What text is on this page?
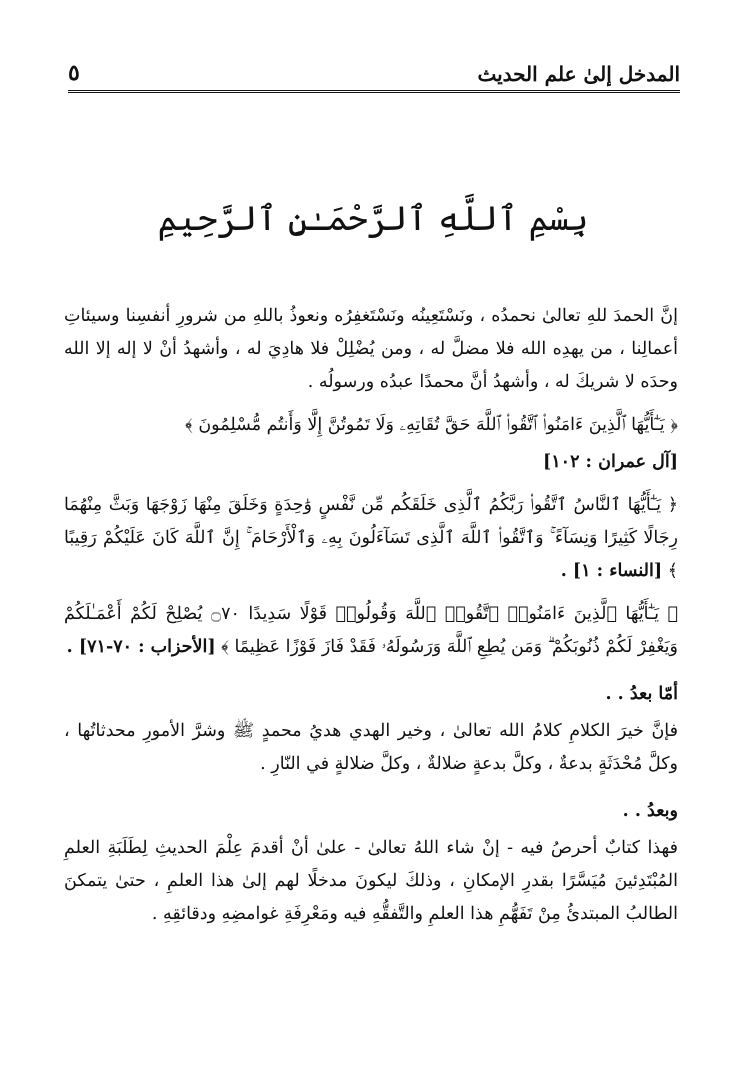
المدخل إلىٰ علم الحديث
٥
بِسْمِ ٱللَّهِ ٱلرَّحْمَـٰنِ ٱلرَّحِيمِ

إنَّ الحمدَ للهِ تعالىٰ نحمدُه ، ونَسْتَعِينُه ونَسْتَغفِرُه ونعوذُ باللهِ من شرورِ أنفسِنا وسيئاتِ أعمالِنا ، من يهدِه الله فلا مضلَّ له ، ومن يُضْلِلْ فلا هادِيَ له ، وأشهدُ أنْ لا إله إلا الله وحدَه لا شريكَ له ، وأشهدُ أنَّ محمدًا عبدُه ورسولُه .

﴿ يَـٰٓأَيُّهَا ٱلَّذِينَ ءَامَنُوا۟ ٱتَّقُوا۟ ٱللَّهَ حَقَّ تُقَاتِهِۦ وَلَا تَمُوتُنَّ إِلَّا وَأَنتُم مُّسْلِمُونَ ﴾

[آل عمران : ١٠٢]

﴿ يَـٰٓأَيُّهَا ٱلنَّاسُ ٱتَّقُوا۟ رَبَّكُمُ ٱلَّذِى خَلَقَكُم مِّن نَّفْسٍ وَٰحِدَةٍ وَخَلَقَ مِنْهَا زَوْجَهَا وَبَثَّ مِنْهُمَا رِجَالًا كَثِيرًا وَنِسَآءً ۚ وَٱتَّقُوا۟ ٱللَّهَ ٱلَّذِى تَسَآءَلُونَ بِهِۦ وَٱلْأَرْحَامَ ۚ إِنَّ ٱللَّهَ كَانَ عَلَيْكُمْ رَقِيبًا ﴾ [النساء : ١] .

﴿ يَـٰٓأَيُّهَا ٱلَّذِينَ ءَامَنُوا۟ ٱتَّقُوا۟ ٱللَّهَ وَقُولُوا۟ قَوْلًا سَدِيدًا ۝٧٠ يُصْلِحْ لَكُمْ أَعْمَـٰلَكُمْ وَيَغْفِرْ لَكُمْ ذُنُوبَكُمْ ۗ وَمَن يُطِعِ ٱللَّهَ وَرَسُولَهُۥ فَقَدْ فَازَ فَوْزًا عَظِيمًا ﴾ [الأحزاب : ٧٠-٧١] .

أمّا بعدُ . .

فإنَّ خيرَ الكلامِ كلامُ الله تعالىٰ ، وخير الهدي هديُ محمدٍ ﷺ وشرَّ الأمورِ محدثاتُها ، وكلَّ مُحْدَثَةٍ بدعةٌ ، وكلَّ بدعةٍ ضلالةٌ ، وكلَّ ضلالةٍ في النّارِ .

وبعدُ . .

فهذا كتابٌ أحرصُ فيه - إنْ شاء اللهُ تعالىٰ - علىٰ أنْ أقدمَ عِلْمَ الحديثِ لِطَلَبَةِ العلمِ المُبْتَدِئينَ مُيَسَّرًا بقدرِ الإمكانِ ، وذلكَ ليكونَ مدخلًا لهم إلىٰ هذا العلمِ ، حتىٰ يتمكنَ الطالبُ المبتدئُ مِنْ تَفَهُّمِ هذا العلمِ والتَّفقُّهِ فيه ومَعْرِفَةِ غوامضِهِ ودقائقِهِ .
